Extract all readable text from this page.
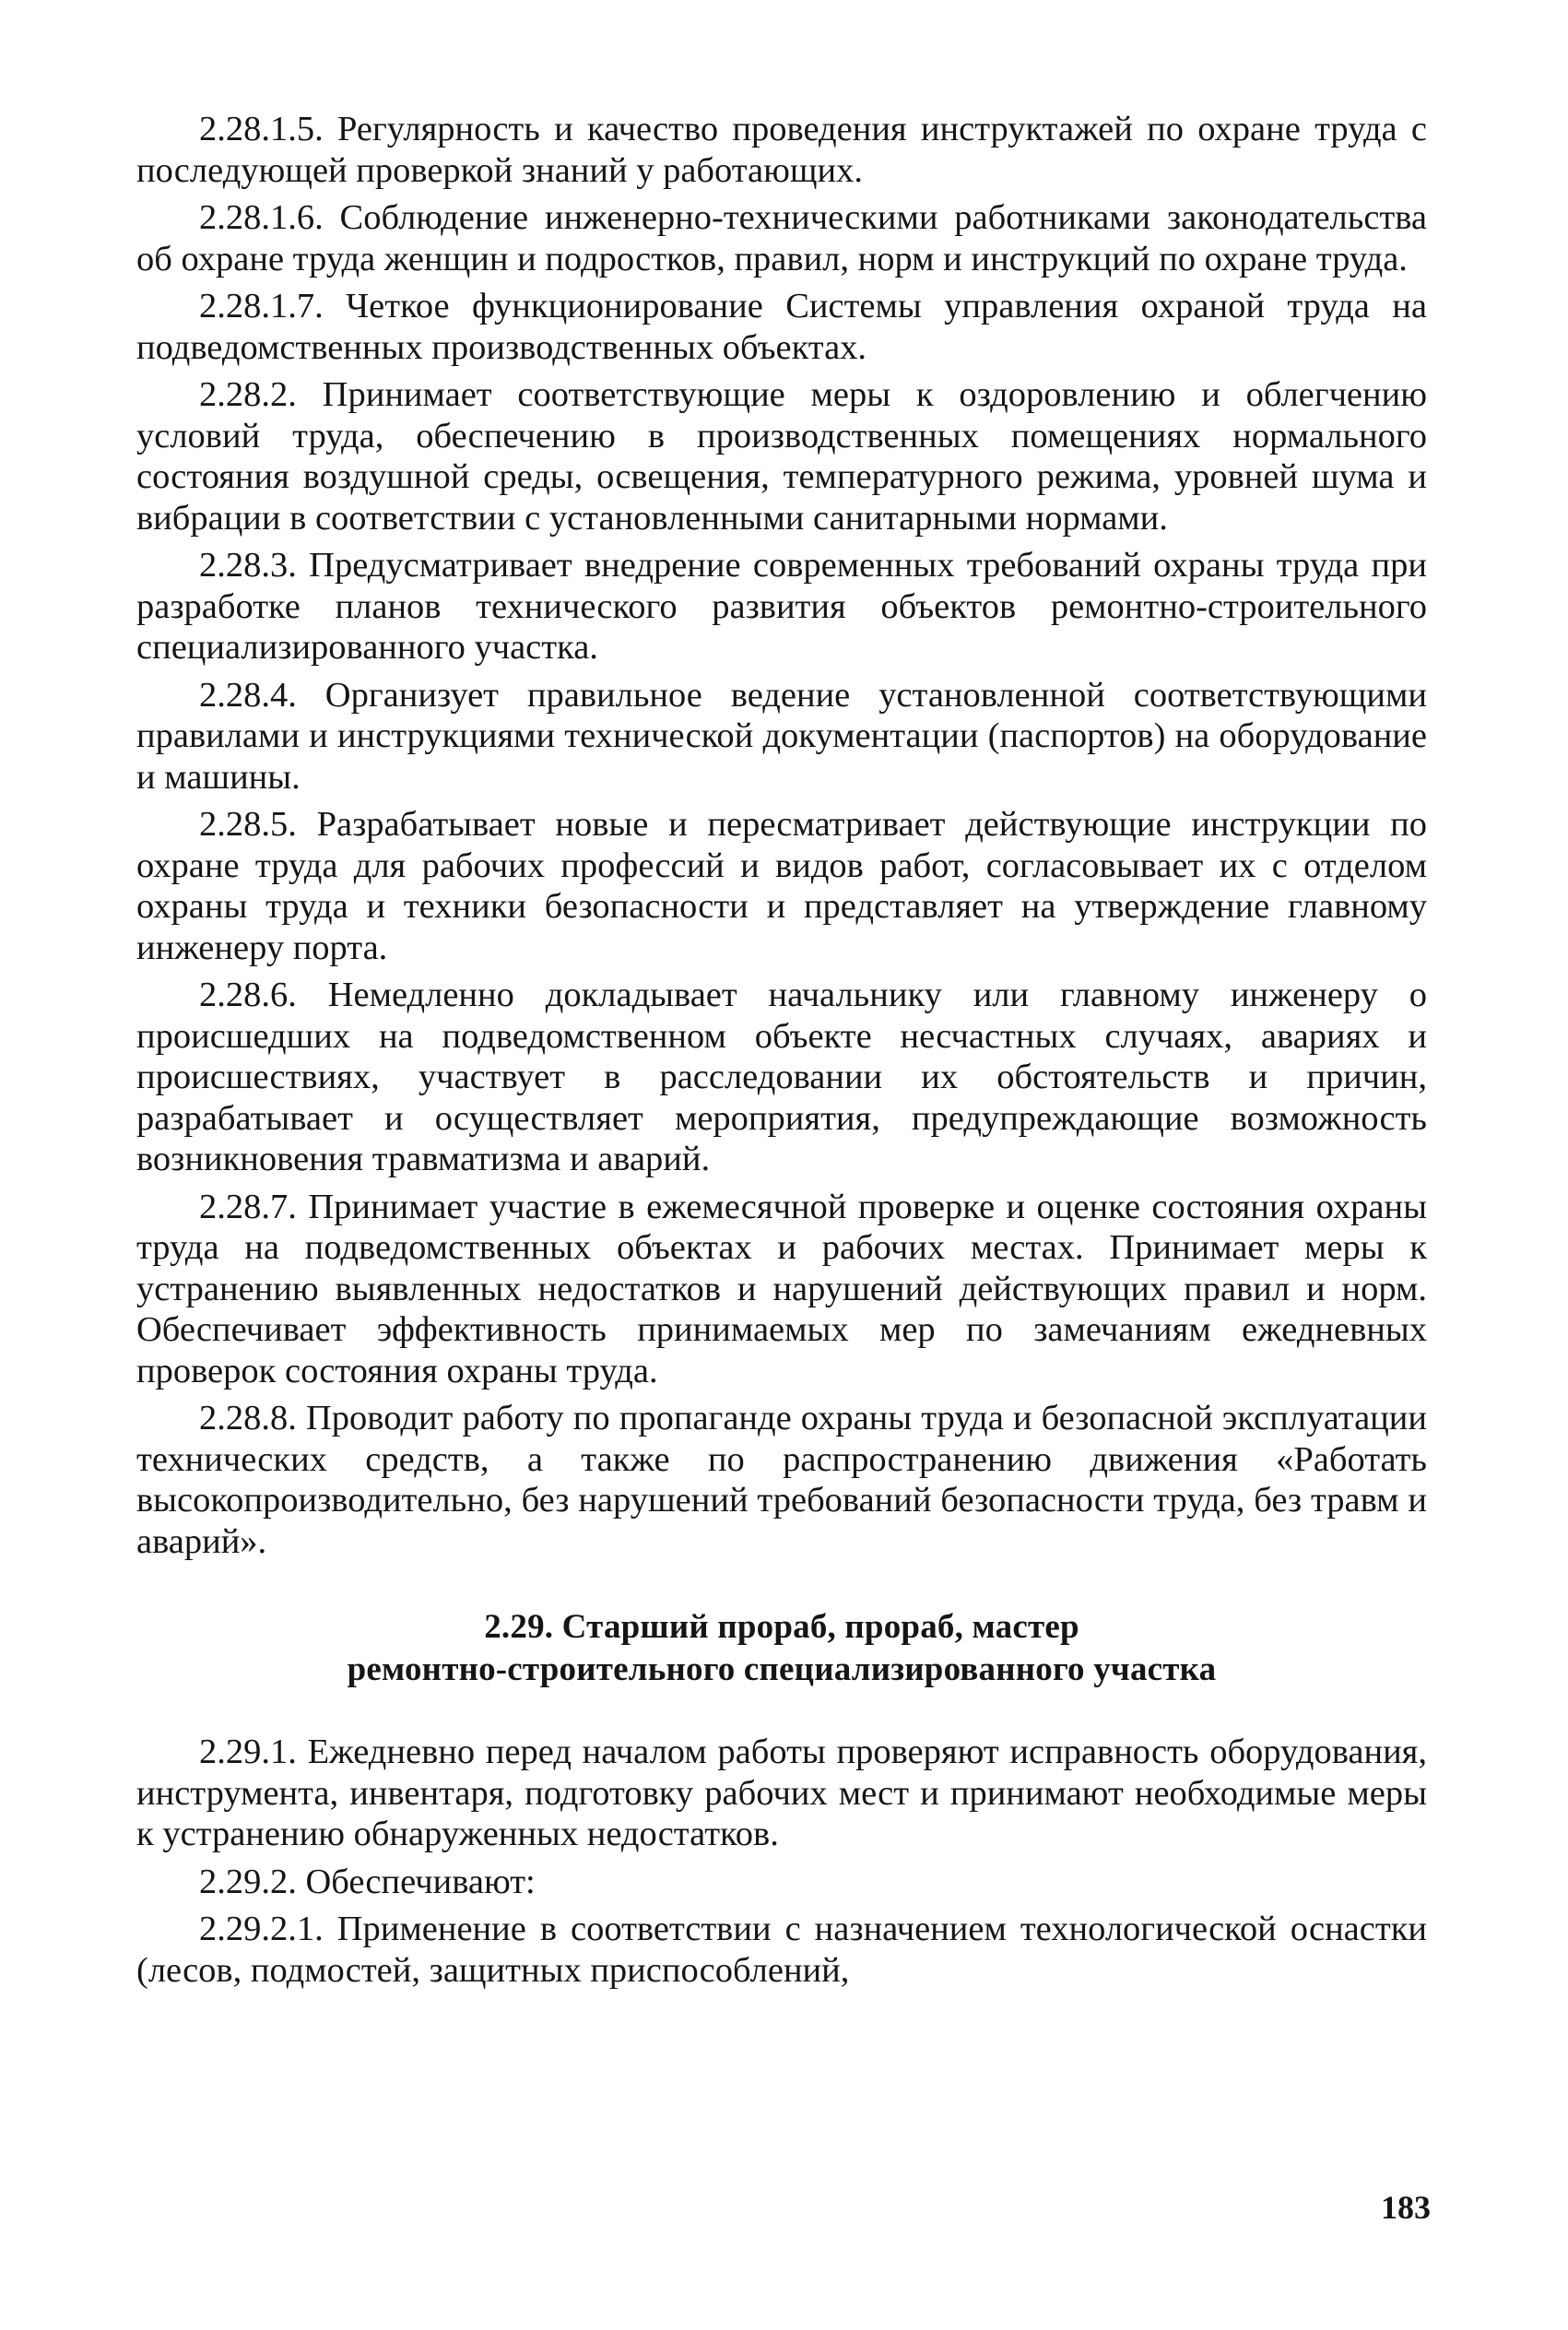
2.28.1.5. Регулярность и качество проведения инструктажей по охране труда с последующей проверкой знаний у работающих.

2.28.1.6. Соблюдение инженерно-техническими работниками законодательства об охране труда женщин и подростков, правил, норм и инструкций по охране труда.

2.28.1.7. Четкое функционирование Системы управления охраной труда на подведомственных производственных объектах.

2.28.2. Принимает соответствующие меры к оздоровлению и облегчению условий труда, обеспечению в производственных помещениях нормального состояния воздушной среды, освещения, температурного режима, уровней шума и вибрации в соответствии с установленными санитарными нормами.

2.28.3. Предусматривает внедрение современных требований охраны труда при разработке планов технического развития объектов ремонтно-строительного специализированного участка.

2.28.4. Организует правильное ведение установленной соответствующими правилами и инструкциями технической документации (паспортов) на оборудование и машины.

2.28.5. Разрабатывает новые и пересматривает действующие инструкции по охране труда для рабочих профессий и видов работ, согласовывает их с отделом охраны труда и техники безопасности и представляет на утверждение главному инженеру порта.

2.28.6. Немедленно докладывает начальнику или главному инженеру о происшедших на подведомственном объекте несчастных случаях, авариях и происшествиях, участвует в расследовании их обстоятельств и причин, разрабатывает и осуществляет мероприятия, предупреждающие возможность возникновения травматизма и аварий.

2.28.7. Принимает участие в ежемесячной проверке и оценке состояния охраны труда на подведомственных объектах и рабочих местах. Принимает меры к устранению выявленных недостатков и нарушений действующих правил и норм. Обеспечивает эффективность принимаемых мер по замечаниям ежедневных проверок состояния охраны труда.

2.28.8. Проводит работу по пропаганде охраны труда и безопасной эксплуатации технических средств, а также по распространению движения «Работать высокопроизводительно, без нарушений требований безопасности труда, без травм и аварий».

2.29. Старший прораб, прораб, мастер
ремонтно-строительного специализированного участка

2.29.1. Ежедневно перед началом работы проверяют исправность оборудования, инструмента, инвентаря, подготовку рабочих мест и принимают необходимые меры к устранению обнаруженных недостатков.

2.29.2. Обеспечивают:

2.29.2.1. Применение в соответствии с назначением технологической оснастки (лесов, подмостей, защитных приспособлений,

183
